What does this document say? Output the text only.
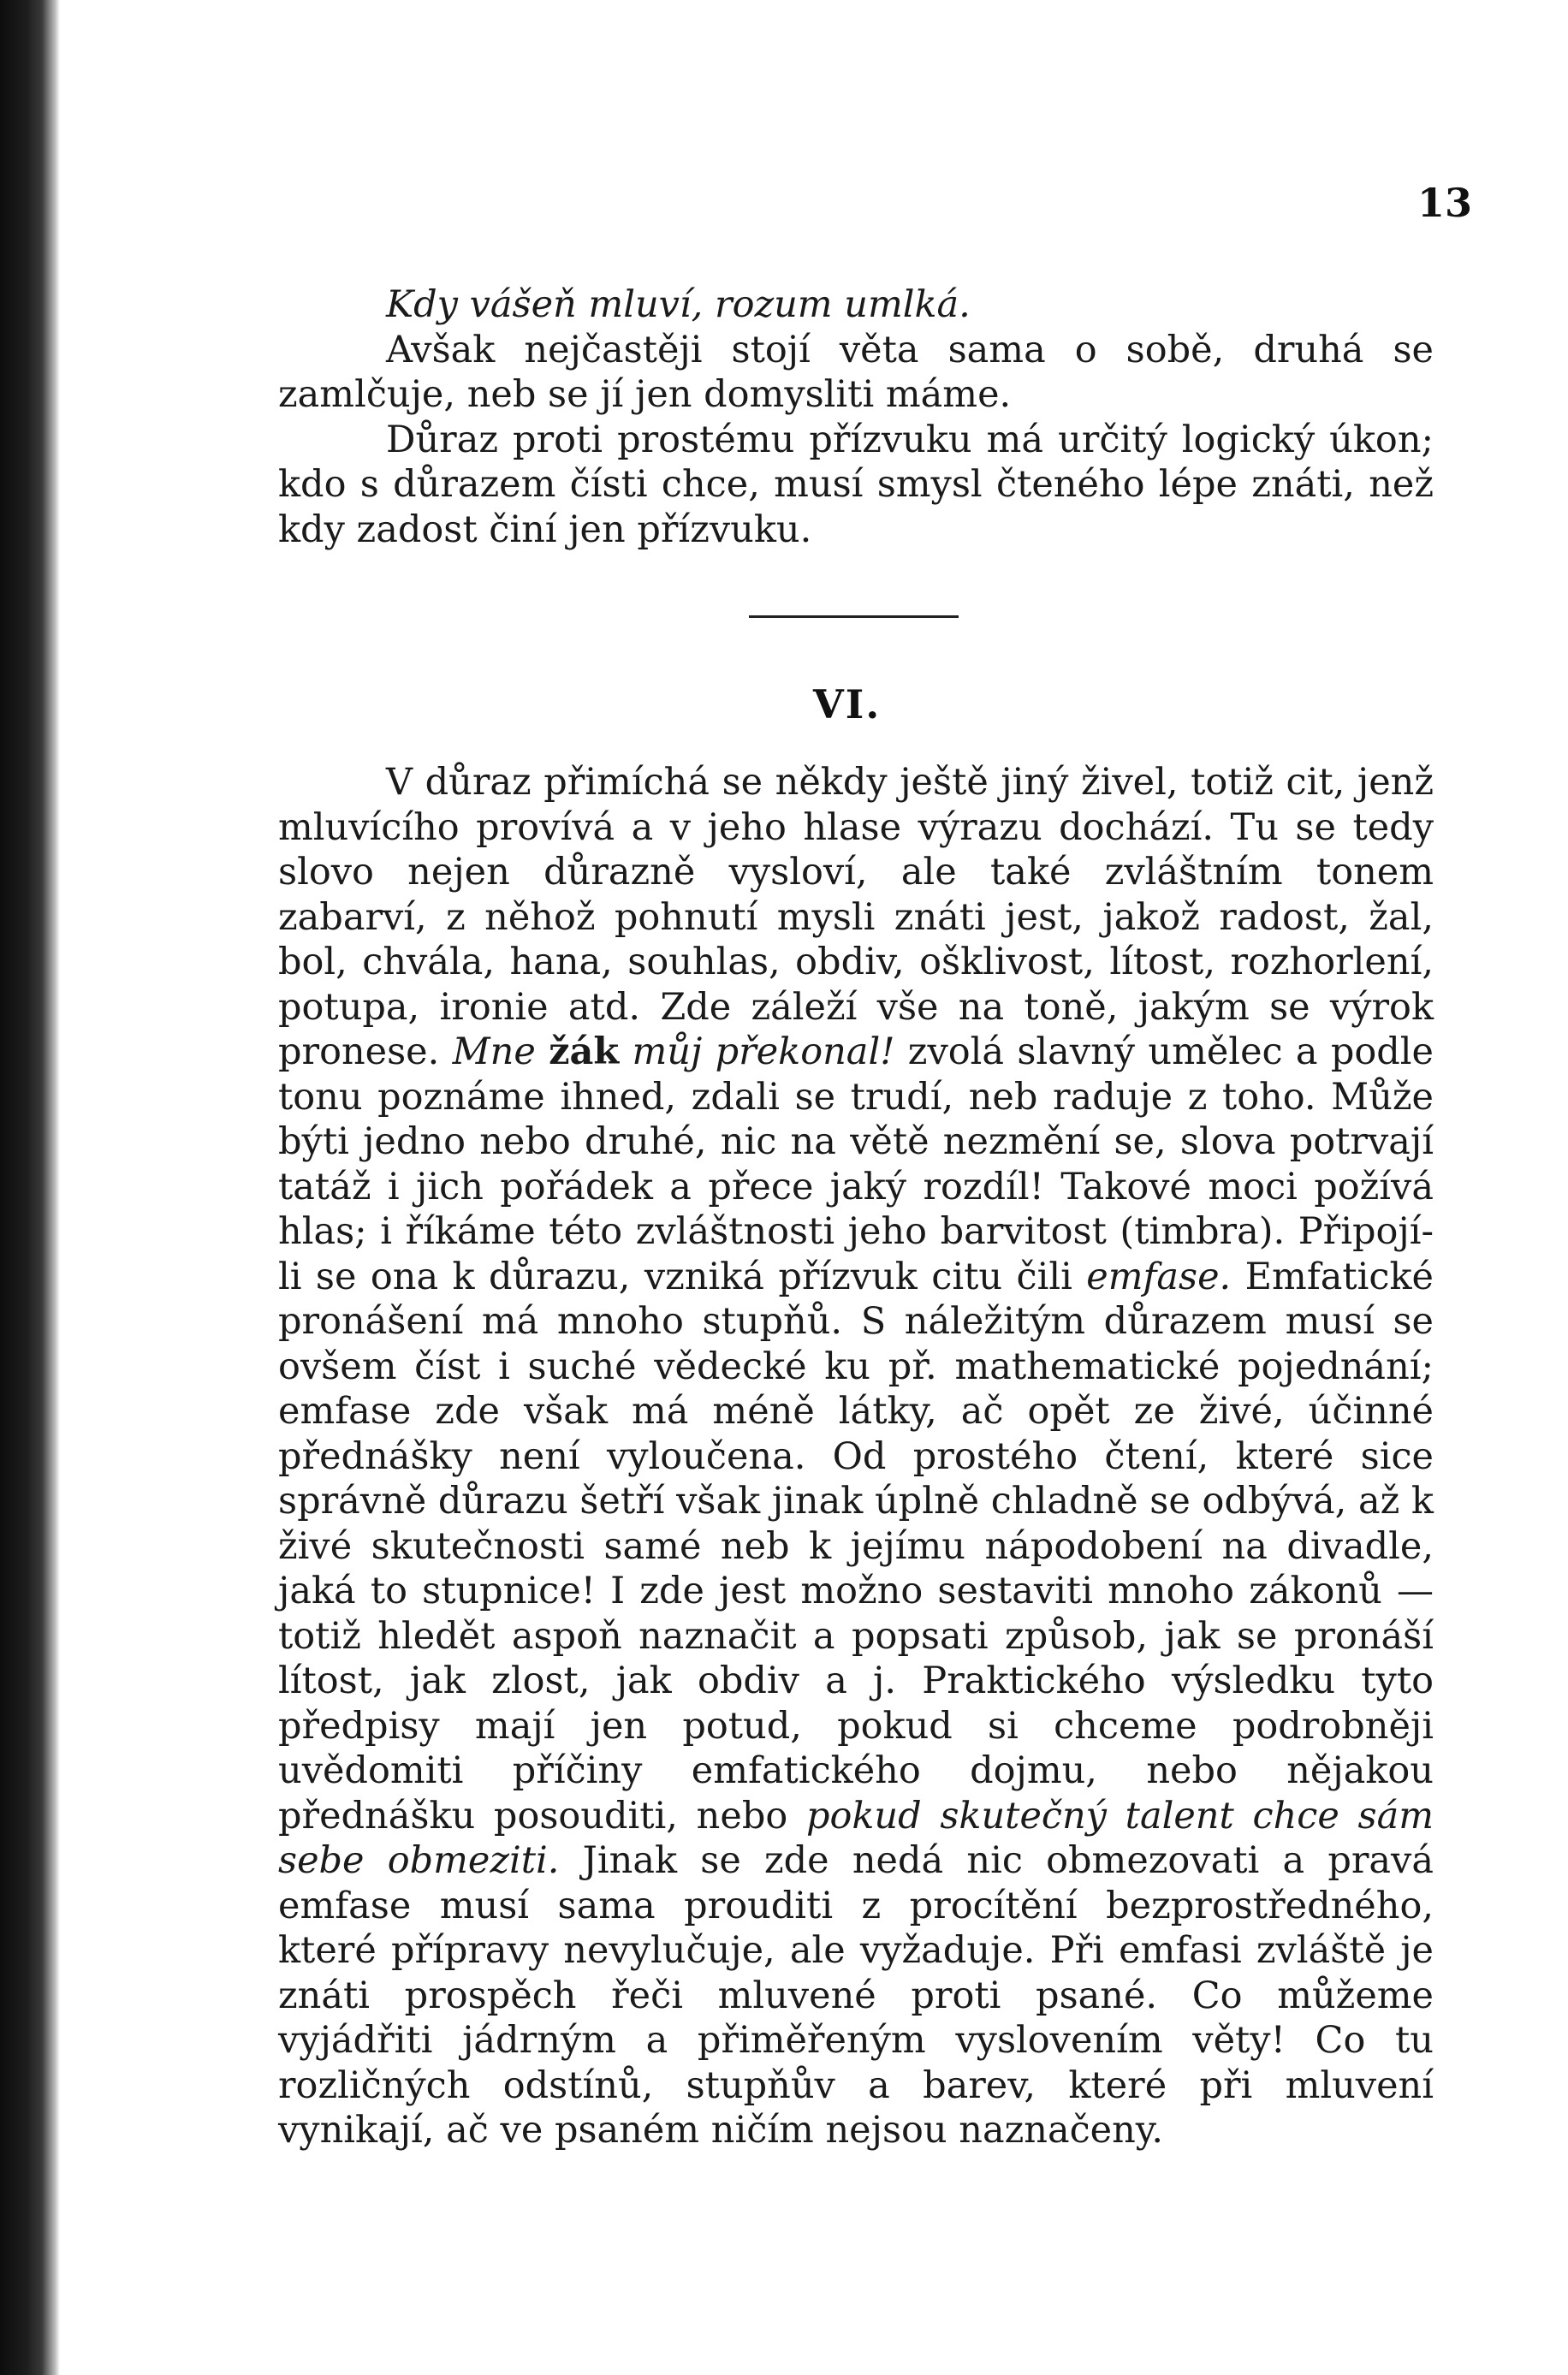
13

Kdy vášeň mluví, rozum umlká.

Avšak nejčastěji stojí věta sama o sobě, druhá se zamlčuje, neb se jí jen domysliti máme.

Důraz proti prostému přízvuku má určitý logický úkon; kdo s důrazem čísti chce, musí smysl čteného lépe znáti, než kdy zadost činí jen přízvuku.

VI.

V důraz přimíchá se někdy ještě jiný živel, totiž cit, jenž mluvícího provívá a v jeho hlase výrazu dochází. Tu se tedy slovo nejen důrazně vysloví, ale také zvláštním tonem zabarví, z něhož pohnutí mysli znáti jest, jakož radost, žal, bol, chvála, hana, souhlas, obdiv, ošklivost, lítost, rozhorlení, potupa, ironie atd. Zde záleží vše na toně, jakým se výrok pronese. Mne žák můj překonal! zvolá slavný umělec a podle tonu poznáme ihned, zdali se trudí, neb raduje z toho. Může býti jedno nebo druhé, nic na větě nezmění se, slova potrvají tatáž i jich pořádek a přece jaký rozdíl! Takové moci požívá hlas; i říkáme této zvláštnosti jeho barvitost (timbra). Připojí-li se ona k důrazu, vzniká přízvuk citu čili emfase. Emfatické pronášení má mnoho stupňů. S náležitým důrazem musí se ovšem číst i suché vědecké ku př. mathematické pojednání; emfase zde však má méně látky, ač opět ze živé, účinné přednášky není vyloučena. Od prostého čtení, které sice správně důrazu šetří však jinak úplně chladně se odbývá, až k živé skutečnosti samé neb k jejímu nápodobení na divadle, jaká to stupnice! I zde jest možno sestaviti mnoho zákonů — totiž hledět aspoň naznačit a popsati způsob, jak se pronáší lítost, jak zlost, jak obdiv a j. Praktického výsledku tyto předpisy mají jen potud, pokud si chceme podrobněji uvědomiti příčiny emfatického dojmu, nebo nějakou přednášku posouditi, nebo pokud skutečný talent chce sám sebe obmeziti. Jinak se zde nedá nic obmezovati a pravá emfase musí sama prouditi z procítění bezprostředného, které přípravy nevylučuje, ale vyžaduje. Při emfasi zvláště je znáti prospěch řeči mluvené proti psané. Co můžeme vyjádřiti jádrným a přiměřeným vyslovením věty! Co tu rozličných odstínů, stupňův a barev, které při mluvení vynikají, ač ve psaném ničím nejsou naznačeny.
